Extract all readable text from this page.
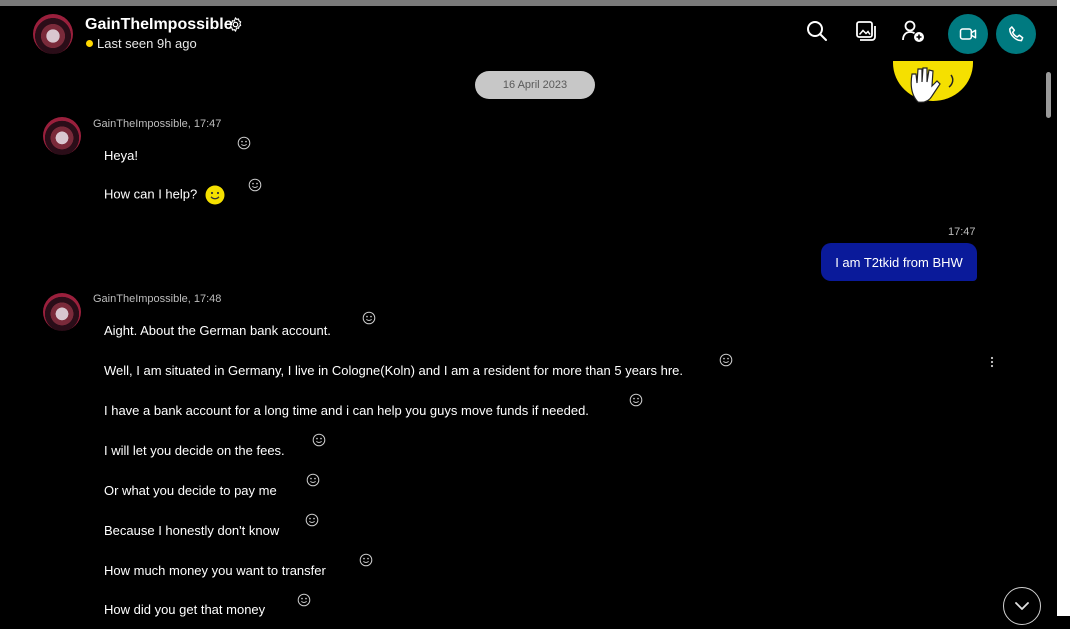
GainTheImpossible
Last seen 9h ago
16 April 2023
GainTheImpossible, 17:47
Heya!
How can I help?
17:47
I am T2tkid from BHW
GainTheImpossible, 17:48
Aight. About the German bank account.
Well, I am situated in Germany, I live in Cologne(Koln) and I am a resident for more than 5 years hre.
I have a bank account for a long time and i can help you guys move funds if needed.
I will let you decide on the fees.
Or what you decide to pay me
Because I honestly don't know
How much money you want to transfer
How did you get that money
